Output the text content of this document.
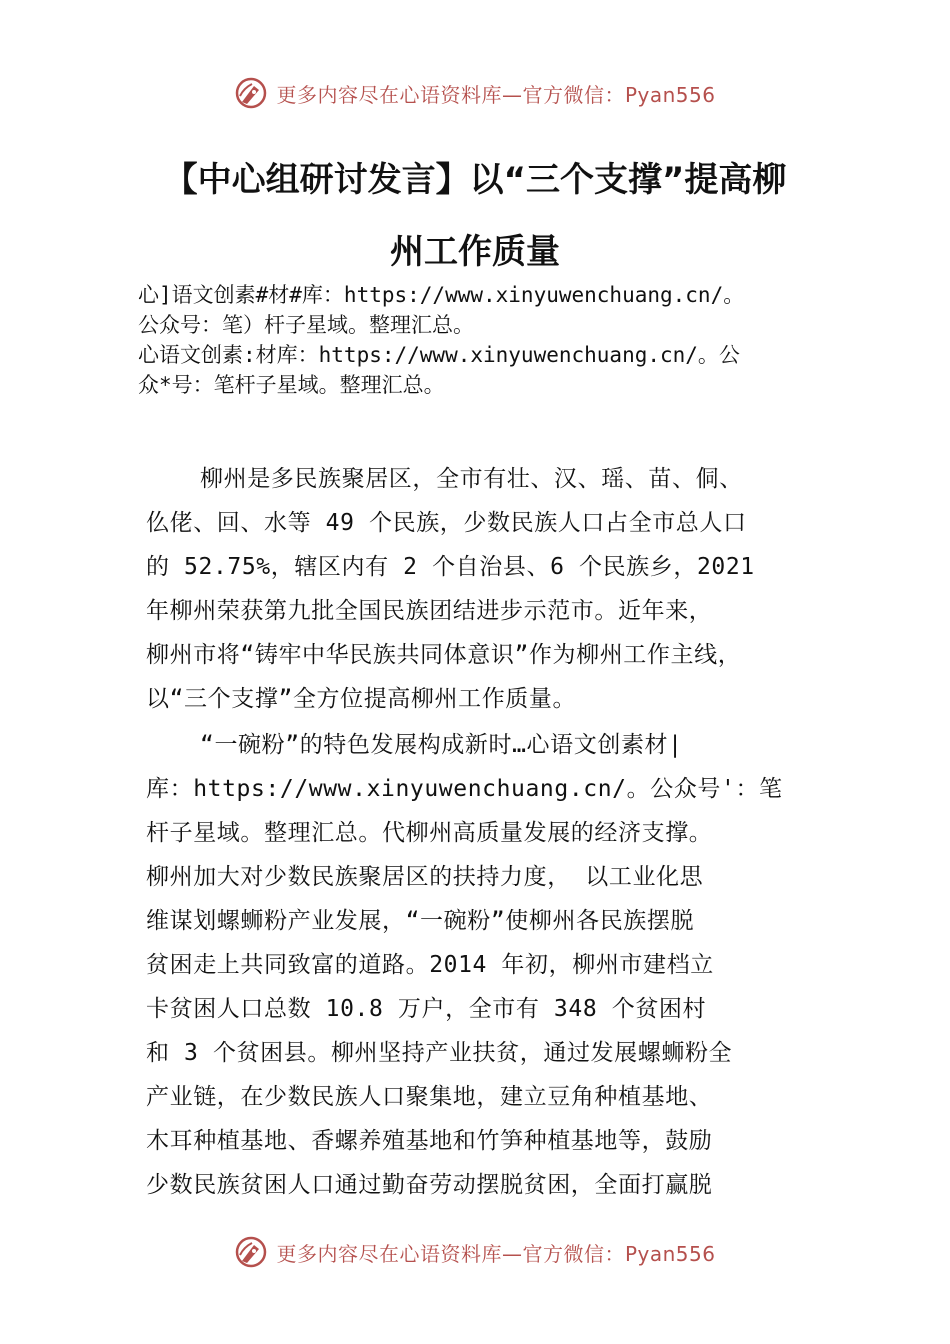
更多内容尽在心语资料库—官方微信：Pyan556
【中心组研讨发言】以“三个支撑”提高柳
州工作质量
心]语文创素#材#库：https://www.xinyuwenchuang.cn/。
公众号：笔）杆子星域。整理汇总。
心语文创素:材库：https://www.xinyuwenchuang.cn/。公
众*号：笔杆子星域。整理汇总。
柳州是多民族聚居区，全市有壮、汉、瑶、苗、侗、
仫佬、回、水等 49 个民族，少数民族人口占全市总人口
的 52.75%，辖区内有 2 个自治县、6 个民族乡，2021
年柳州荣获第九批全国民族团结进步示范市。近年来，
柳州市将“铸牢中华民族共同体意识”作为柳州工作主线，
以“三个支撑”全方位提高柳州工作质量。
“一碗粉”的特色发展构成新时…心语文创素材|
库：https://www.xinyuwenchuang.cn/。公众号'：笔
杆子星域。整理汇总。代柳州高质量发展的经济支撑。
柳州加大对少数民族聚居区的扶持力度， 以工业化思
维谋划螺蛳粉产业发展，“一碗粉”使柳州各民族摆脱
贫困走上共同致富的道路。2014 年初，柳州市建档立
卡贫困人口总数 10.8 万户，全市有 348 个贫困村
和 3 个贫困县。柳州坚持产业扶贫，通过发展螺蛳粉全
产业链，在少数民族人口聚集地，建立豆角种植基地、
木耳种植基地、香螺养殖基地和竹笋种植基地等，鼓励
少数民族贫困人口通过勤奋劳动摆脱贫困，全面打赢脱
更多内容尽在心语资料库—官方微信：Pyan556
